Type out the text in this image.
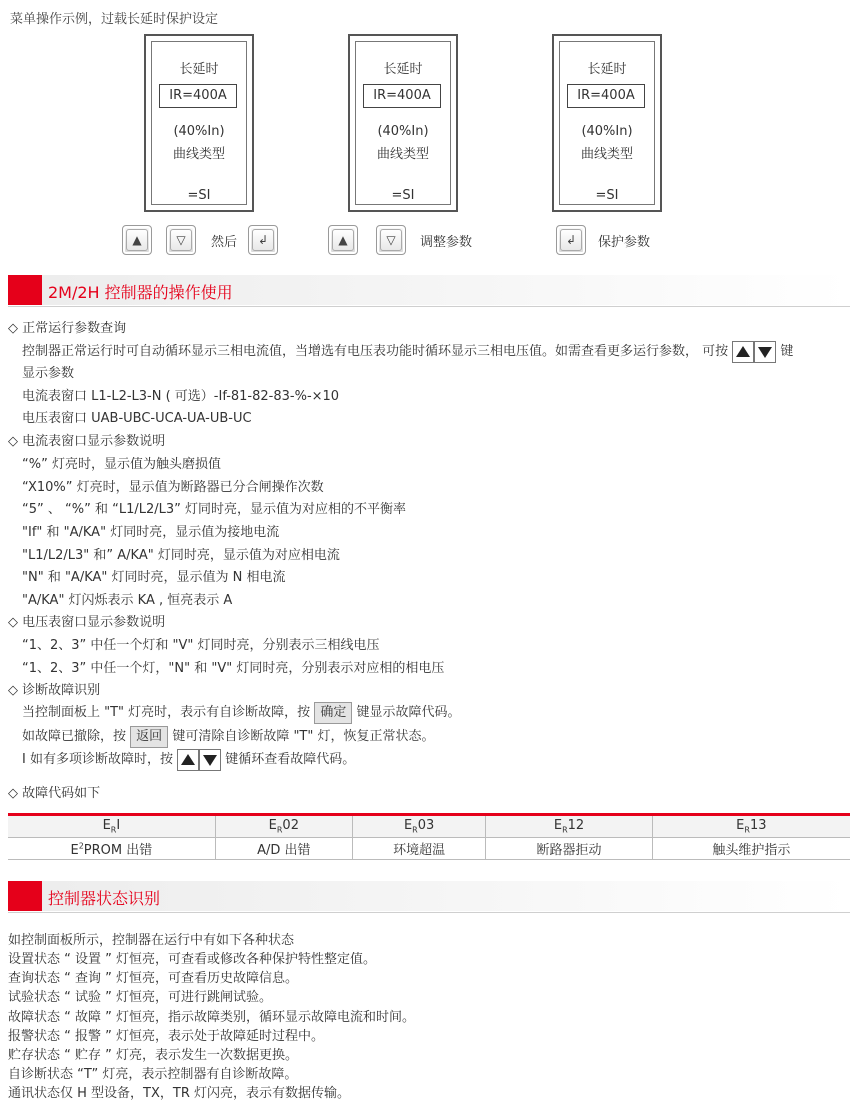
菜单操作示例，过载长延时保护设定
长延时
IR=400A
(40%In)
曲线类型
=SI
长延时
IR=400A
(40%In)
曲线类型
=SI
长延时
IR=400A
(40%In)
曲线类型
=SI
▲	▽	然后	↲	▲	▽	调整参数	↲	保护参数
2M/2H 控制器的操作使用
◇ 正常运行参数查询
控制器正常运行时可自动循环显示三相电流值，当增选有电压表功能时循环显示三相电压值。如需查看更多运行参数， 可按	键
显示参数
电流表窗口 L1-L2-L3-N ( 可选）-If-81-82-83-%-×10
电压表窗口 UAB-UBC-UCA-UA-UB-UC
◇ 电流表窗口显示参数说明
“%” 灯亮时，显示值为触头磨损值
“X10%” 灯亮时，显示值为断路器已分合闸操作次数
“5” 、 “%” 和 “L1/L2/L3” 灯同时亮，显示值为对应相的不平衡率
"If" 和 "A/KA" 灯同时亮，显示值为接地电流
"L1/L2/L3" 和” A/KA" 灯同时亮，显示值为对应相电流
"N" 和 "A/KA" 灯同时亮，显示值为 N 相电流
"A/KA" 灯闪烁表示 KA , 恒亮表示 A
◇ 电压表窗口显示参数说明
“1、2、3” 中任一个灯和 "V" 灯同时亮，分别表示三相线电压
“1、2、3” 中任一个灯，"N" 和 "V" 灯同时亮，分别表示对应相的相电压
◇ 诊断故障识别
当控制面板上 "T" 灯亮时，表示有自诊断故障，按 确定 键显示故障代码。
如故障已撤除，按 返回 键可清除自诊断故障 "T" 灯，恢复正常状态。
I 如有多项诊断故障时，按	键循环查看故障代码。
◇ 故障代码如下
$E_RI$	$E_R02$	$E_R03$	$E_R12$	$E_R13$
$E^2PROM$ 出错	A/D 出错	环境超温	断路器拒动	触头维护指示
控制器状态识别
如控制面板所示，控制器在运行中有如下各种状态
设置状态 “ 设置 ” 灯恒亮，可查看或修改各种保护特性整定值。
查询状态 “ 查询 ” 灯恒亮，可查看历史故障信息。
试验状态 “ 试验 ” 灯恒亮，可进行跳闸试验。
故障状态 “ 故障 ” 灯恒亮，指示故障类别，循环显示故障电流和时间。
报警状态 “ 报警 ” 灯恒亮，表示处于故障延时过程中。
贮存状态 “ 贮存 ” 灯亮，表示发生一次数据更换。
自诊断状态 “T” 灯亮，表示控制器有自诊断故障。
通讯状态仅 H 型设备，TX，TR 灯闪亮，表示有数据传输。
